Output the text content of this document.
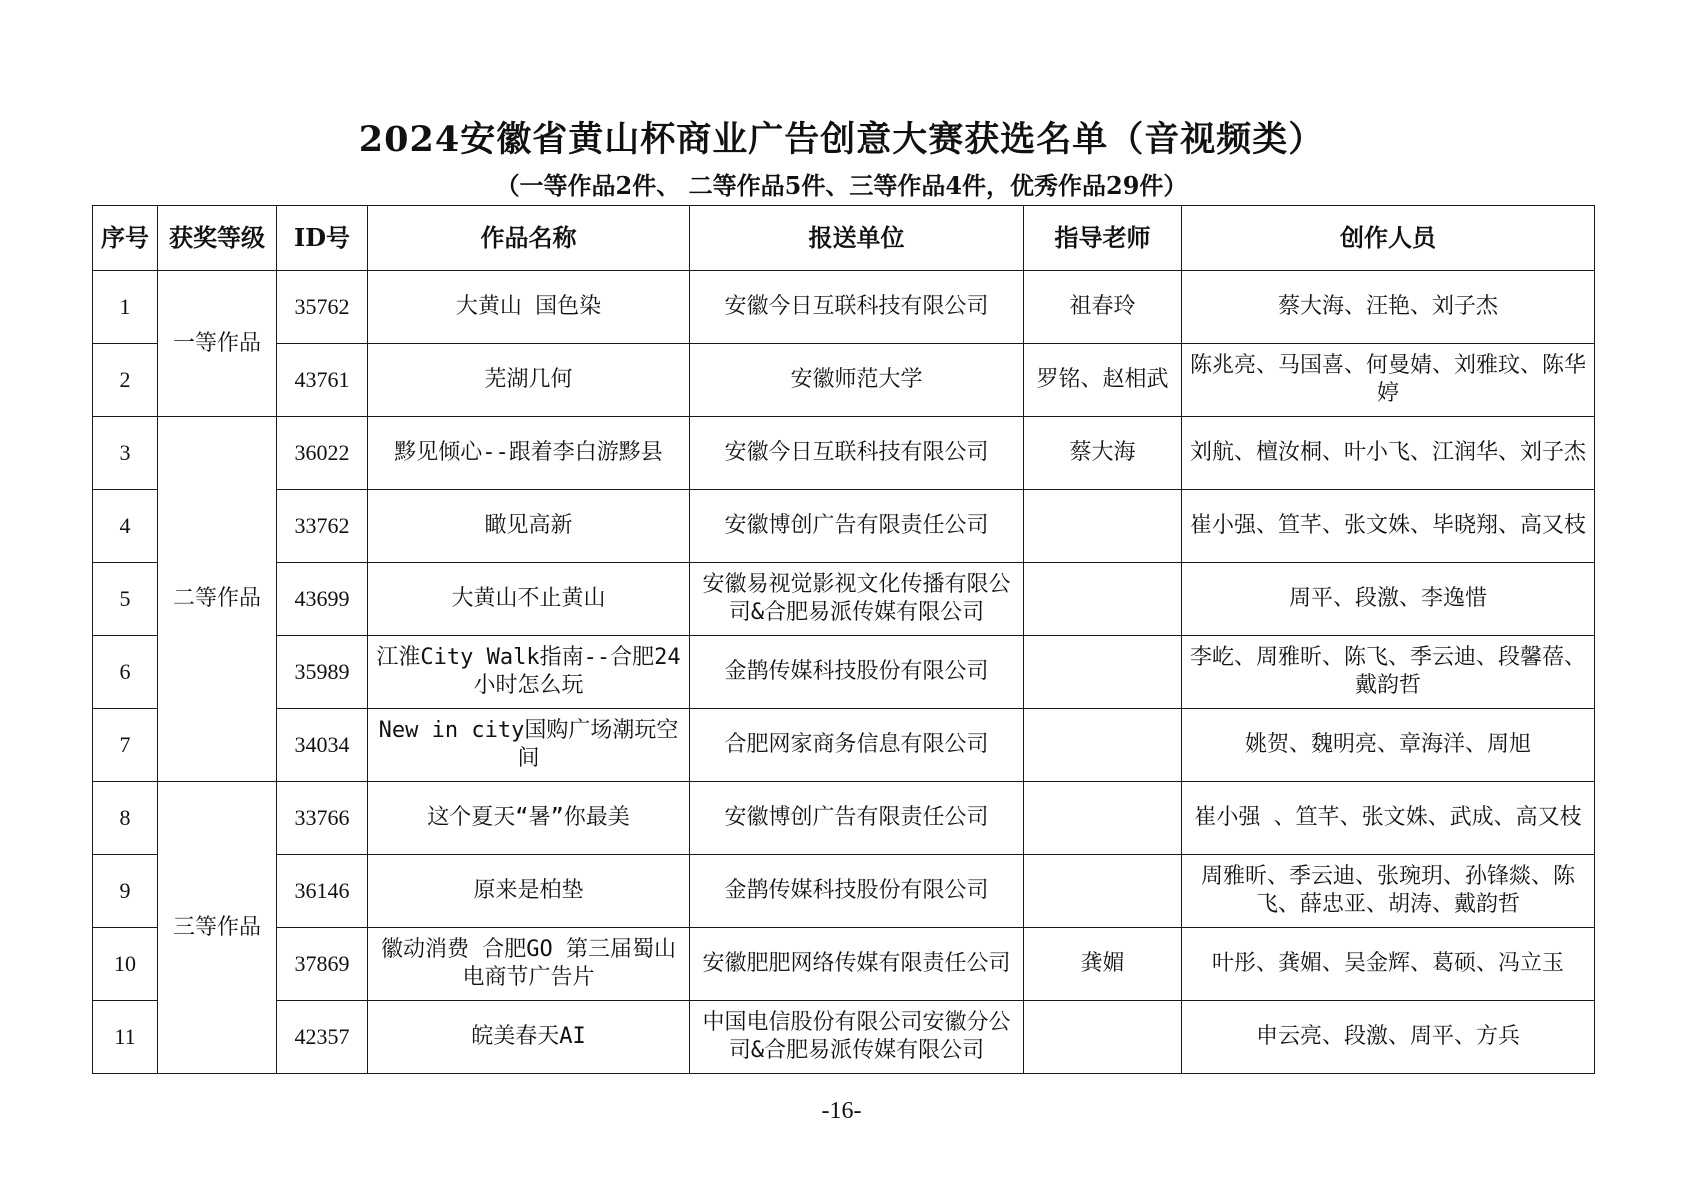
2024安徽省黄山杯商业广告创意大赛获选名单（音视频类）
（一等作品2件、 二等作品5件、三等作品4件，优秀作品29件）
序号	获奖等级	ID号	作品名称	报送单位	指导老师	创作人员
1	一等作品	35762	大黄山 国色染	安徽今日互联科技有限公司	祖春玲	蔡大海、汪艳、刘子杰
2		43761	芜湖几何	安徽师范大学	罗铭、赵相武	陈兆亮、马国喜、何曼婧、刘雅玟、陈华婷
3	二等作品	36022	黟见倾心--跟着李白游黟县	安徽今日互联科技有限公司	蔡大海	刘航、檀汝桐、叶小飞、江润华、刘子杰
4		33762	瞰见高新	安徽博创广告有限责任公司		崔小强、笪芊、张文姝、毕晓翔、高又枝
5		43699	大黄山不止黄山	安徽易视觉影视文化传播有限公司&合肥易派传媒有限公司		周平、段激、李逸惜
6		35989	江淮City Walk指南--合肥24小时怎么玩	金鹊传媒科技股份有限公司		李屹、周雅昕、陈飞、季云迪、段馨蓓、戴韵哲
7		34034	New in city国购广场潮玩空间	合肥网家商务信息有限公司		姚贺、魏明亮、章海洋、周旭
8	三等作品	33766	这个夏天“暑”你最美	安徽博创广告有限责任公司		崔小强 、笪芊、张文姝、武成、高又枝
9		36146	原来是柏垫	金鹊传媒科技股份有限公司		周雅昕、季云迪、张琬玥、孙锋燚、陈飞、薛忠亚、胡涛、戴韵哲
10		37869	徽动消费 合肥GO 第三届蜀山电商节广告片	安徽肥肥网络传媒有限责任公司	龚媚	叶彤、龚媚、吴金辉、葛硕、冯立玉
11		42357	皖美春天AI	中国电信股份有限公司安徽分公司&合肥易派传媒有限公司		申云亮、段激、周平、方兵
-16-
